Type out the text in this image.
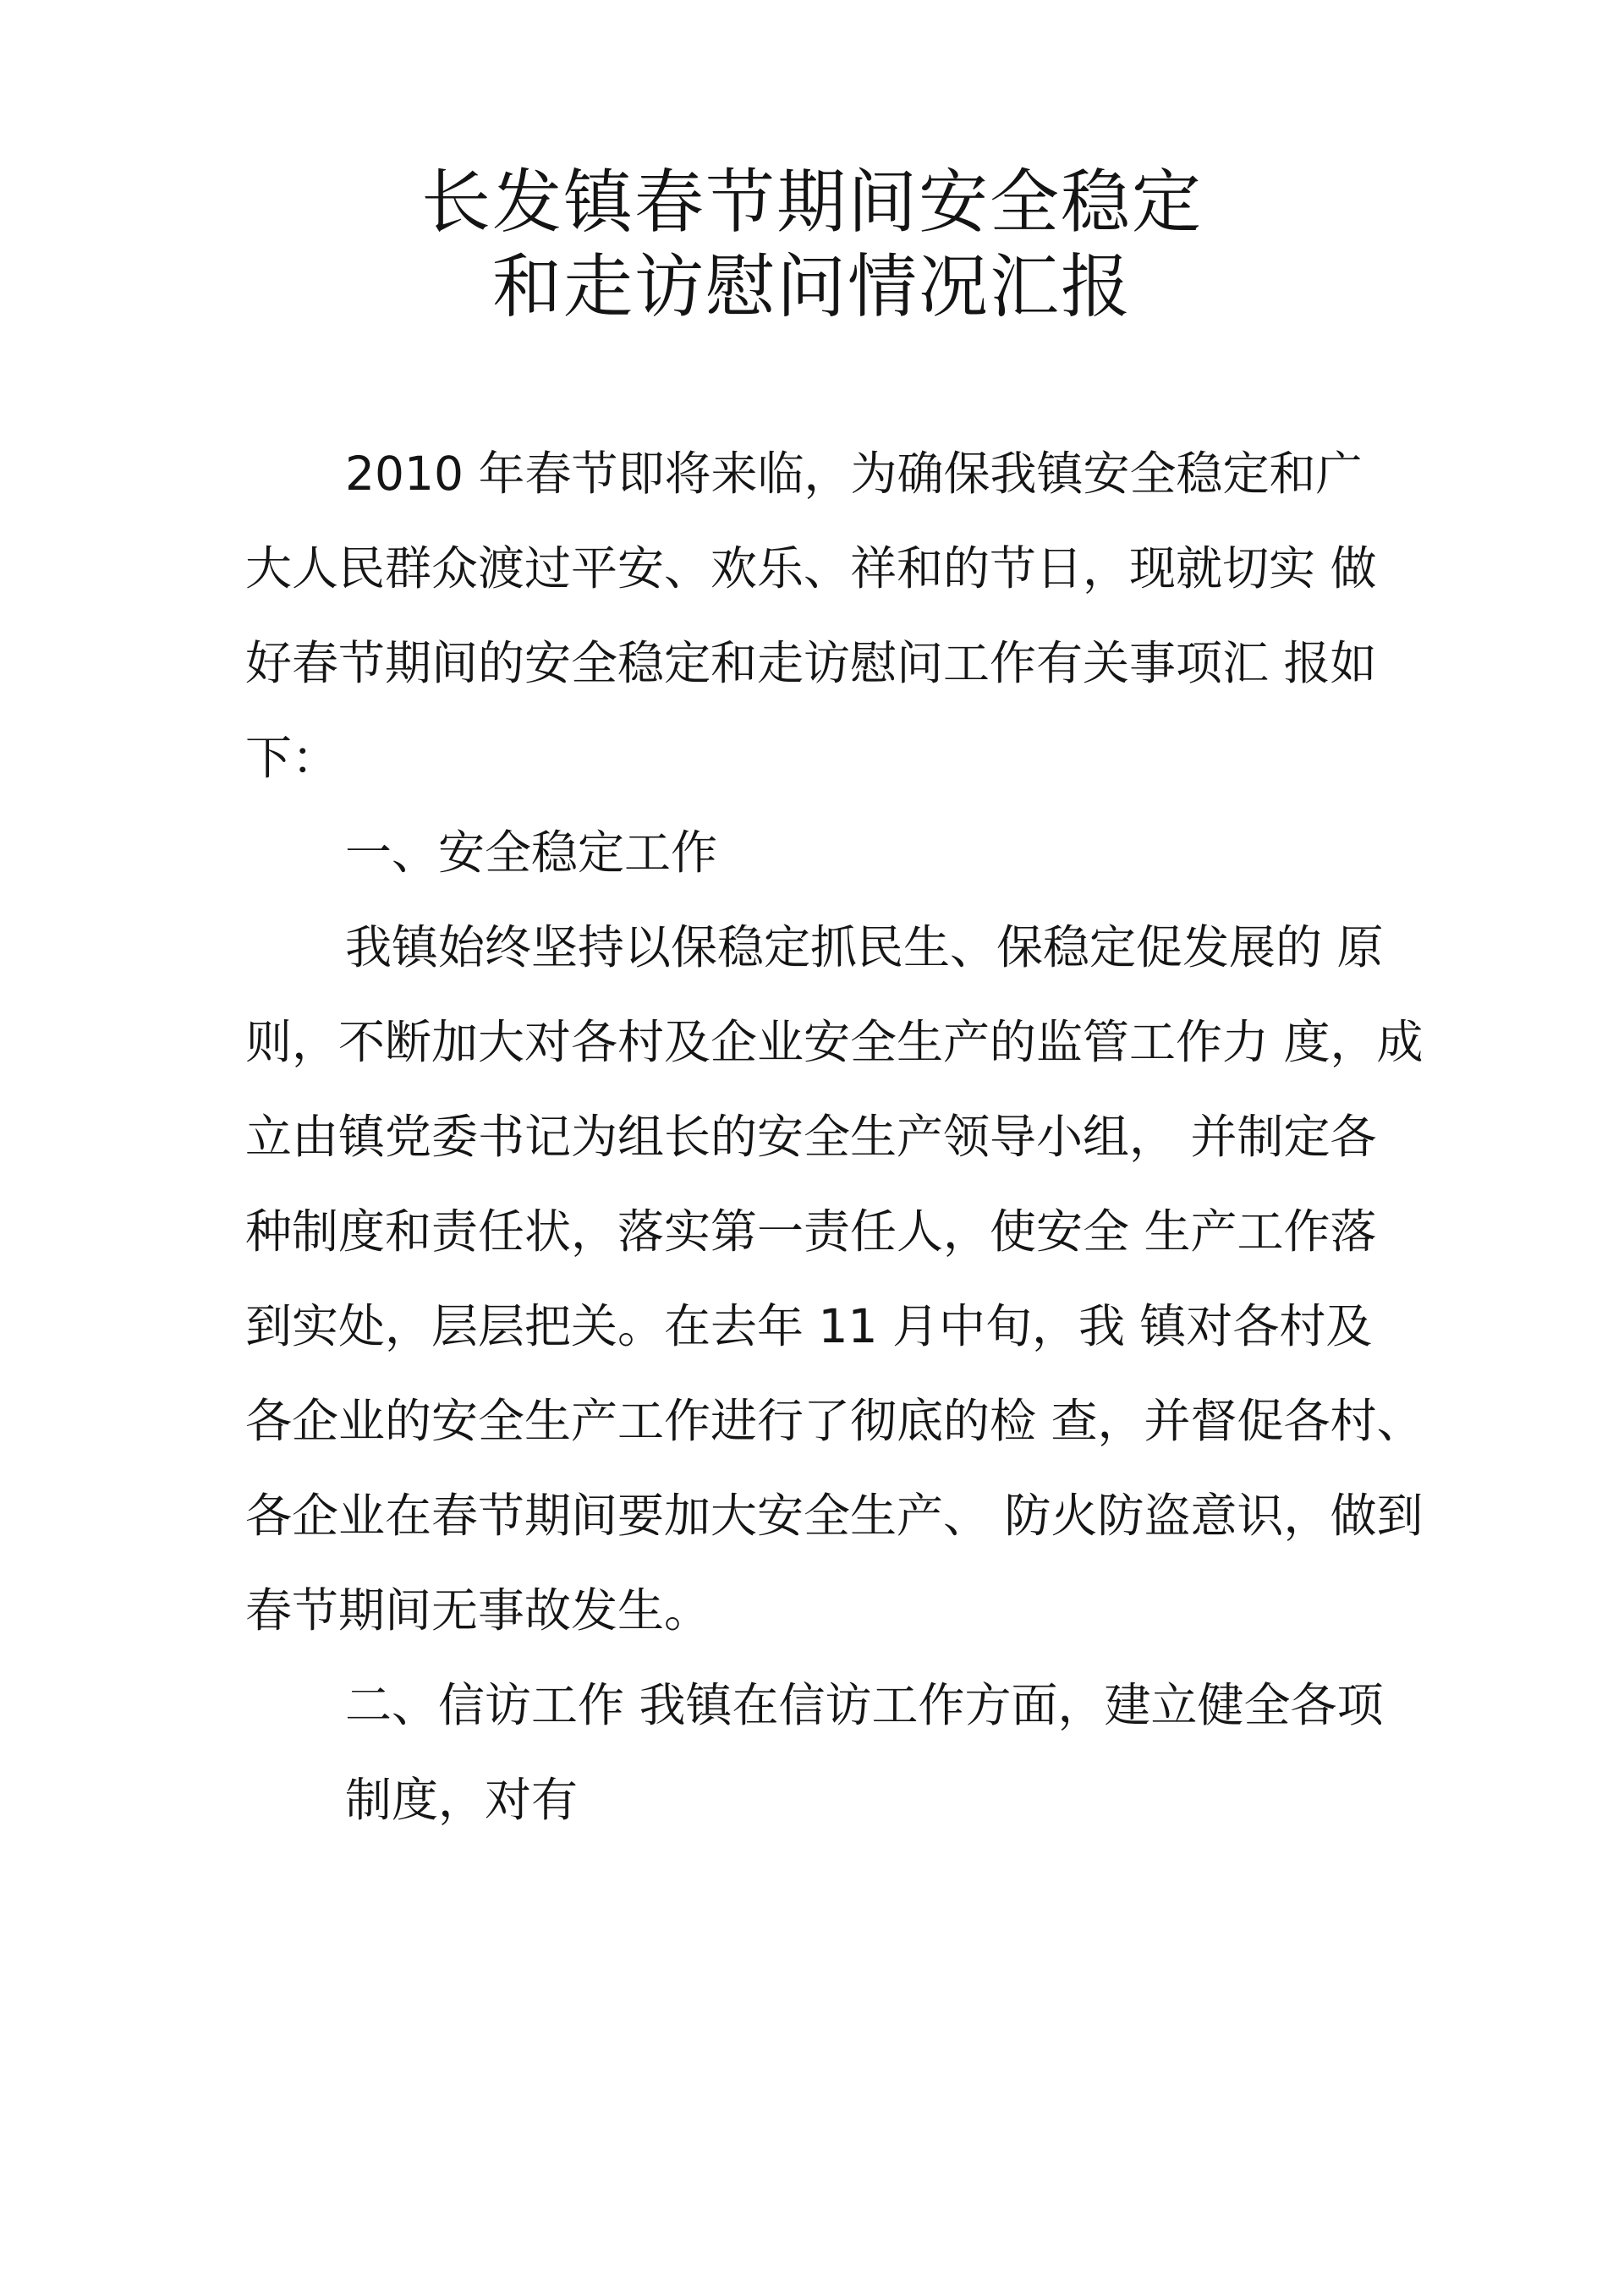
长发镇春节期间安全稳定
和走访慰问情况汇报
2010 年春节即将来临，为确保我镇安全稳定和广
大人民群众渡过平安、欢乐、祥和的节日，现就切实 做
好春节期间的安全稳定和走访慰问工作有关事项汇 报如
下：
一、安全稳定工作
我镇始终坚持以保稳定抓民生、保稳定促发展的 原
则，不断加大对各村及企业安全生产的监管工作力 度，成
立由镇党委书记为组长的安全生产领导小组， 并制定各
种制度和责任状，落实第一责任人，使安全 生产工作落
到实处，层层把关。在去年 11 月中旬，我 镇对各村及
各企业的安全生产工作进行了彻底的检 查，并督促各村、
各企业在春节期间要加大安全生产、 防火防盗意识，做到
春节期间无事故发生。
二、信访工作 我镇在信访工作方面，建立健全各项
制度，对有
